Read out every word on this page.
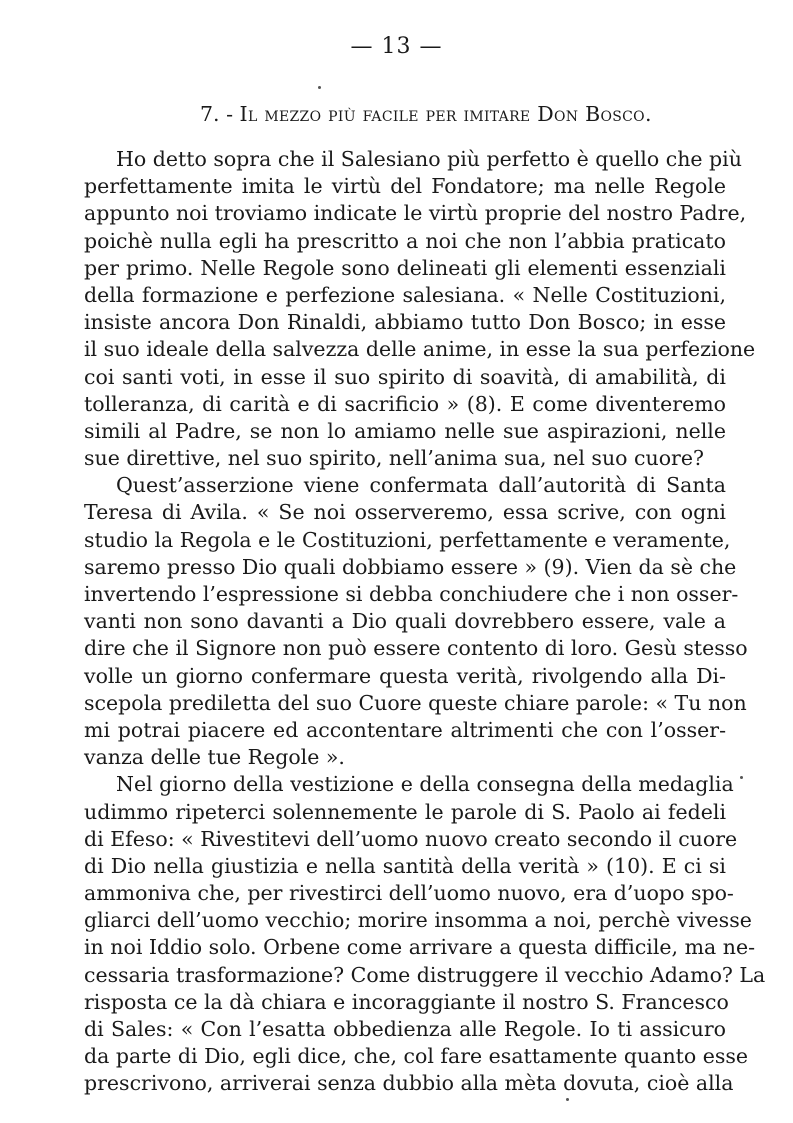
— 13 —
7. - Il mezzo più facile per imitare Don Bosco.
Ho detto sopra che il Salesiano più perfetto è quello che più
perfettamente imita le virtù del Fondatore; ma nelle Regole
appunto noi troviamo indicate le virtù proprie del nostro Padre,
poichè nulla egli ha prescritto a noi che non l’abbia praticato
per primo. Nelle Regole sono delineati gli elementi essenziali
della formazione e perfezione salesiana. « Nelle Costituzioni,
insiste ancora Don Rinaldi, abbiamo tutto Don Bosco; in esse
il suo ideale della salvezza delle anime, in esse la sua perfezione
coi santi voti, in esse il suo spirito di soavità, di amabilità, di
tolleranza, di carità e di sacrificio » (8). E come diventeremo
simili al Padre, se non lo amiamo nelle sue aspirazioni, nelle
sue direttive, nel suo spirito, nell’anima sua, nel suo cuore?
Quest’asserzione viene confermata dall’autorità di Santa
Teresa di Avila. « Se noi osserveremo, essa scrive, con ogni
studio la Regola e le Costituzioni, perfettamente e veramente,
saremo presso Dio quali dobbiamo essere » (9). Vien da sè che
invertendo l’espressione si debba conchiudere che i non osser-
vanti non sono davanti a Dio quali dovrebbero essere, vale a
dire che il Signore non può essere contento di loro. Gesù stesso
volle un giorno confermare questa verità, rivolgendo alla Di-
scepola prediletta del suo Cuore queste chiare parole: « Tu non
mi potrai piacere ed accontentare altrimenti che con l’osser-
vanza delle tue Regole ».
Nel giorno della vestizione e della consegna della medaglia
udimmo ripeterci solennemente le parole di S. Paolo ai fedeli
di Efeso: « Rivestitevi dell’uomo nuovo creato secondo il cuore
di Dio nella giustizia e nella santità della verità » (10). E ci si
ammoniva che, per rivestirci dell’uomo nuovo, era d’uopo spo-
gliarci dell’uomo vecchio; morire insomma a noi, perchè vivesse
in noi Iddio solo. Orbene come arrivare a questa difficile, ma ne-
cessaria trasformazione? Come distruggere il vecchio Adamo? La
risposta ce la dà chiara e incoraggiante il nostro S. Francesco
di Sales: « Con l’esatta obbedienza alle Regole. Io ti assicuro
da parte di Dio, egli dice, che, col fare esattamente quanto esse
prescrivono, arriverai senza dubbio alla mèta dovuta, cioè alla
